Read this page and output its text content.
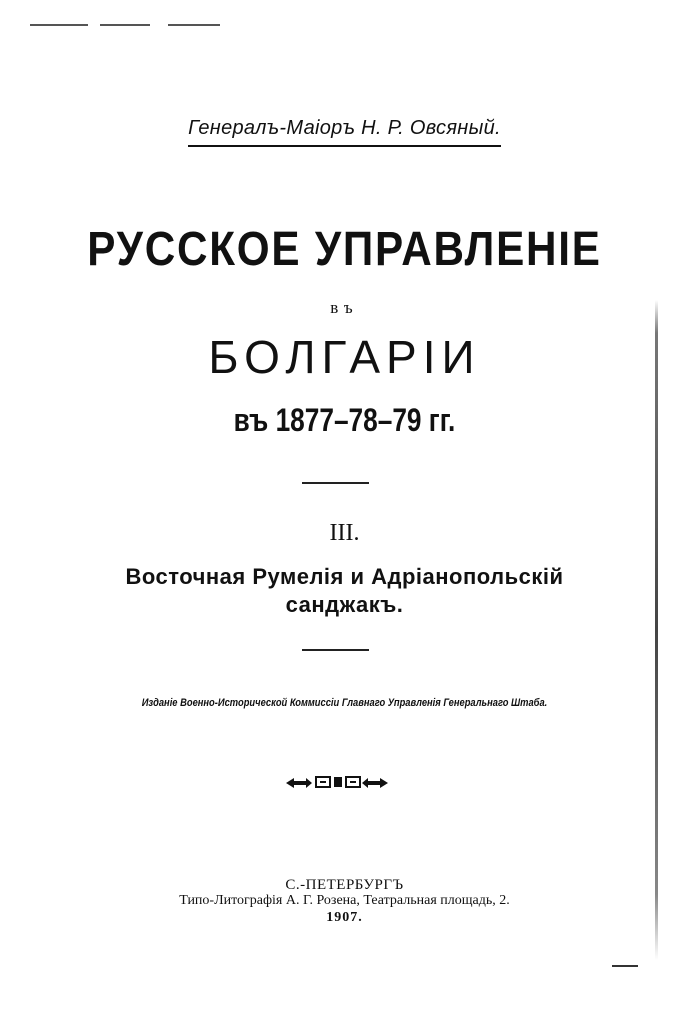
Генералъ-Маіоръ Н. Р. Овсяный.
РУССКОЕ УПРАВЛЕНІЕ
въ
БОЛГАРІИ
въ 1877–78–79 гг.
III.
Восточная Румелія и Адріанопольскій
санджакъ.
Изданіе Военно-Исторической Коммиссіи Главнаго Управленія Генеральнаго Штаба.
С.-ПЕТЕРБУРГЪ
Типо-Литографія А. Г. Розена, Театральная площадь, 2.
1907.
